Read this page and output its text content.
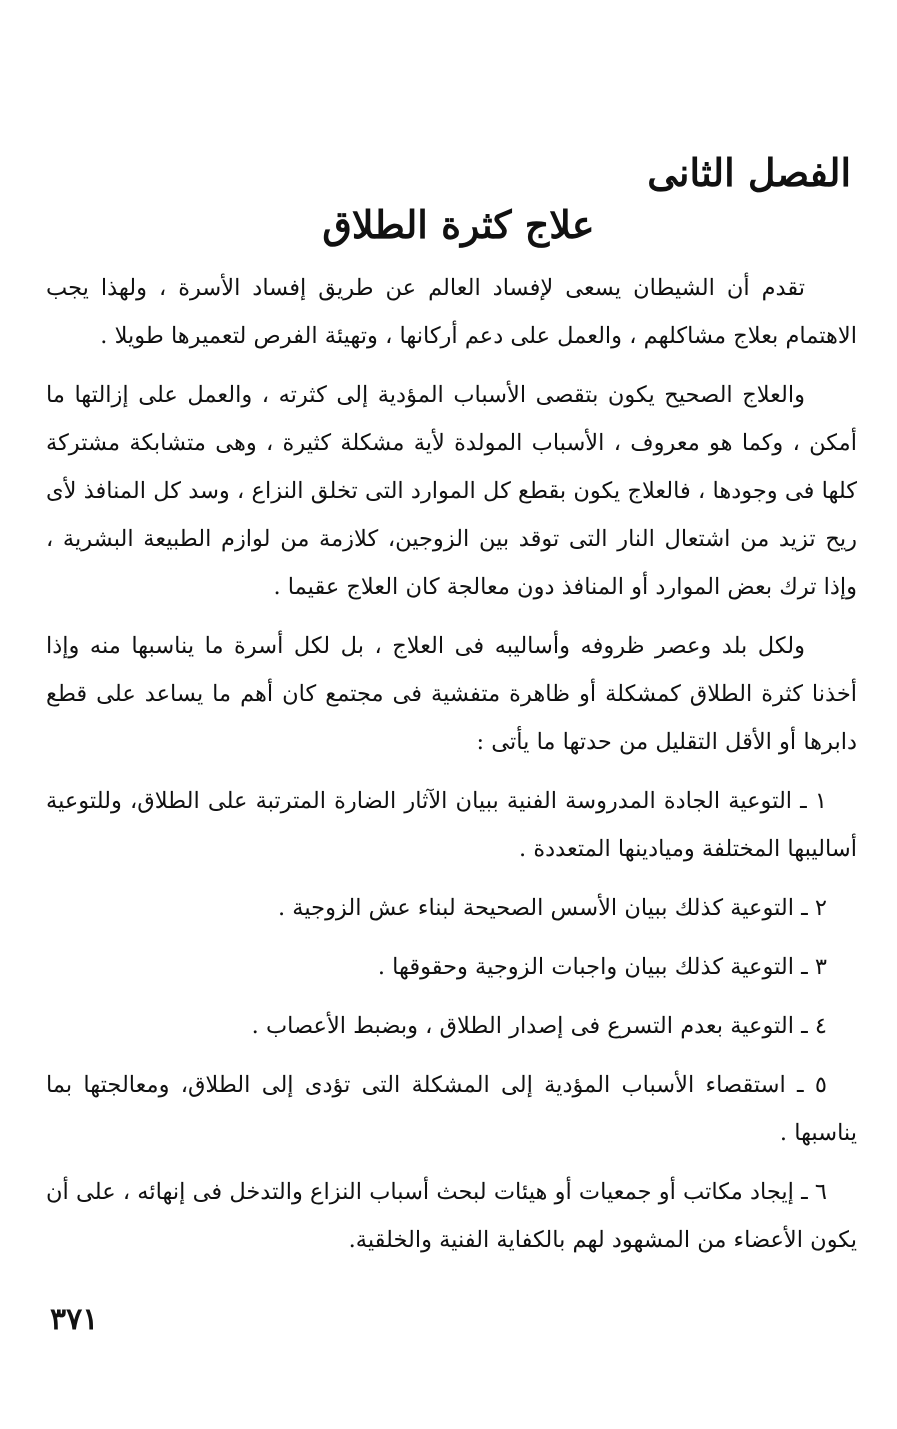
الفصل الثانى
علاج كثرة الطلاق

تقدم أن الشيطان يسعى لإفساد العالم عن طريق إفساد الأسرة ، ولهذا يجب الاهتمام بعلاج مشاكلهم ، والعمل على دعم أركانها ، وتهيئة الفرص لتعميرها طويلا .

والعلاج الصحيح يكون بتقصى الأسباب المؤدية إلى كثرته ، والعمل على إزالتها ما أمكن ، وكما هو معروف ، الأسباب المولدة لأية مشكلة كثيرة ، وهى متشابكة مشتركة كلها فى وجودها ، فالعلاج يكون بقطع كل الموارد التى تخلق النزاع ، وسد كل المنافذ لأى ريح تزيد من اشتعال النار التى توقد بين الزوجين، كلازمة من لوازم الطبيعة البشرية ، وإذا ترك بعض الموارد أو المنافذ دون معالجة كان العلاج عقيما .

ولكل بلد وعصر ظروفه وأساليبه فى العلاج ، بل لكل أسرة ما يناسبها منه وإذا أخذنا كثرة الطلاق كمشكلة أو ظاهرة متفشية فى مجتمع كان أهم ما يساعد على قطع دابرها أو الأقل التقليل من حدتها ما يأتى :

١ ـ التوعية الجادة المدروسة الفنية ببيان الآثار الضارة المترتبة على الطلاق، وللتوعية أساليبها المختلفة وميادينها المتعددة .

٢ ـ التوعية كذلك ببيان الأسس الصحيحة لبناء عش الزوجية .

٣ ـ التوعية كذلك ببيان واجبات الزوجية وحقوقها .

٤ ـ التوعية بعدم التسرع فى إصدار الطلاق ، وبضبط الأعصاب .

٥ ـ استقصاء الأسباب المؤدية إلى المشكلة التى تؤدى إلى الطلاق، ومعالجتها بما يناسبها .

٦ ـ إيجاد مكاتب أو جمعيات أو هيئات لبحث أسباب النزاع والتدخل فى إنهائه ، على أن يكون الأعضاء من المشهود لهم بالكفاية الفنية والخلقية.

٣٧١
